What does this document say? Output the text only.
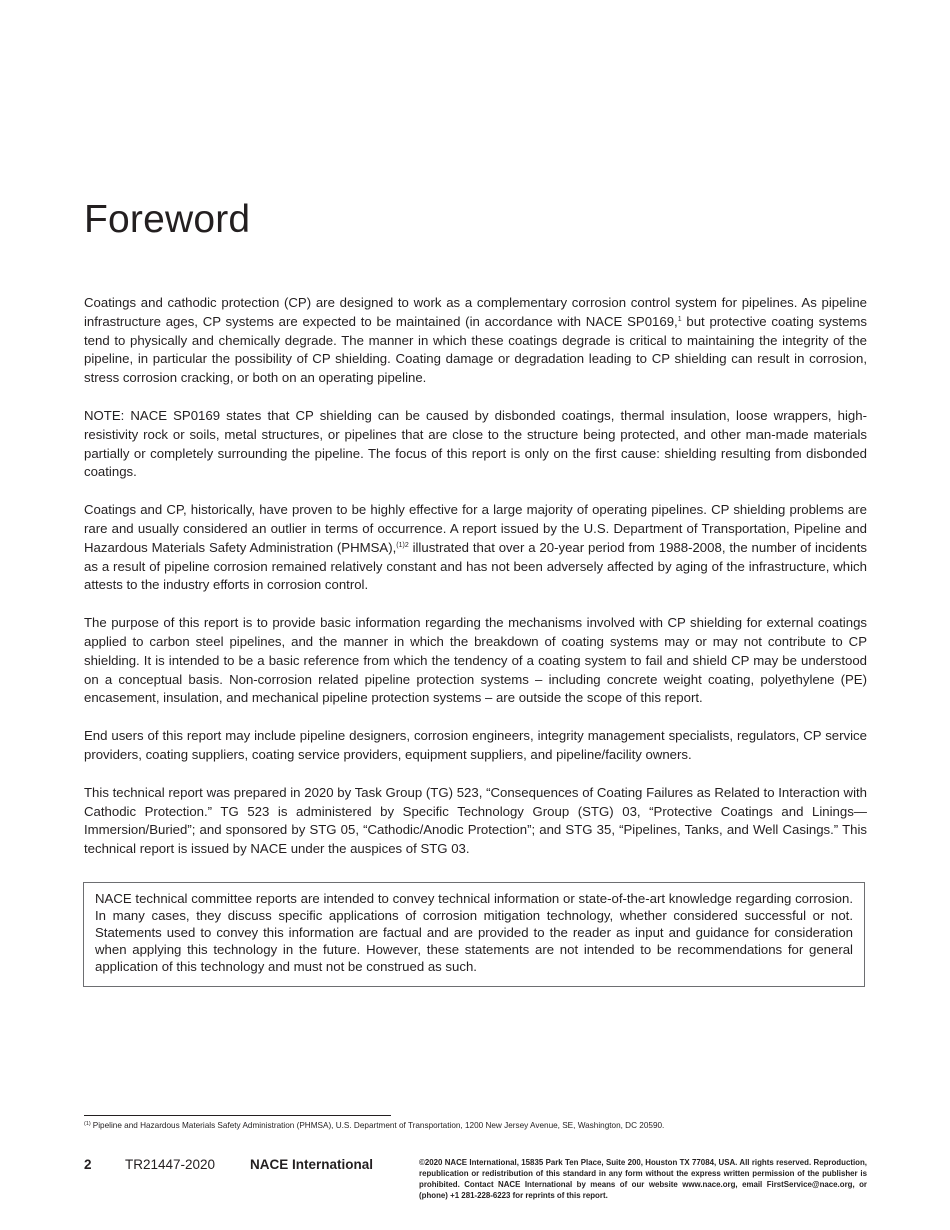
Foreword

Coatings and cathodic protection (CP) are designed to work as a complementary corrosion control system for pipelines. As pipeline infrastructure ages, CP systems are expected to be maintained (in accordance with NACE SP0169,$^1$ but protective coating systems tend to physically and chemically degrade. The manner in which these coatings degrade is critical to maintaining the integrity of the pipeline, in particular the possibility of CP shielding. Coating damage or degradation leading to CP shielding can result in corrosion, stress corrosion cracking, or both on an operating pipeline.

NOTE: NACE SP0169 states that CP shielding can be caused by disbonded coatings, thermal insulation, loose wrappers, high-resistivity rock or soils, metal structures, or pipelines that are close to the structure being protected, and other man-made materials partially or completely surrounding the pipeline. The focus of this report is only on the first cause: shielding resulting from disbonded coatings.

Coatings and CP, historically, have proven to be highly effective for a large majority of operating pipelines. CP shielding problems are rare and usually considered an outlier in terms of occurrence. A report issued by the U.S. Department of Transportation, Pipeline and Hazardous Materials Safety Administration (PHMSA),$^{(1)2}$ illustrated that over a 20-year period from 1988-2008, the number of incidents as a result of pipeline corrosion remained relatively constant and has not been adversely affected by aging of the infrastructure, which attests to the industry efforts in corrosion control.

The purpose of this report is to provide basic information regarding the mechanisms involved with CP shielding for external coatings applied to carbon steel pipelines, and the manner in which the breakdown of coating systems may or may not contribute to CP shielding. It is intended to be a basic reference from which the tendency of a coating system to fail and shield CP may be understood on a conceptual basis. Non-corrosion related pipeline protection systems – including concrete weight coating, polyethylene (PE) encasement, insulation, and mechanical pipeline protection systems – are outside the scope of this report.

End users of this report may include pipeline designers, corrosion engineers, integrity management specialists, regulators, CP service providers, coating suppliers, coating service providers, equipment suppliers, and pipeline/facility owners.

This technical report was prepared in 2020 by Task Group (TG) 523, “Consequences of Coating Failures as Related to Interaction with Cathodic Protection.” TG 523 is administered by Specific Technology Group (STG) 03, “Protective Coatings and Linings—Immersion/Buried”; and sponsored by STG 05, “Cathodic/Anodic Protection”; and STG 35, “Pipelines, Tanks, and Well Casings.” This technical report is issued by NACE under the auspices of STG 03.

NACE technical committee reports are intended to convey technical information or state-of-the-art knowledge regarding corrosion. In many cases, they discuss specific applications of corrosion mitigation technology, whether considered successful or not. Statements used to convey this information are factual and are provided to the reader as input and guidance for consideration when applying this technology in the future. However, these statements are not intended to be recommendations for general application of this technology and must not be construed as such.

$^{(1)}$ Pipeline and Hazardous Materials Safety Administration (PHMSA), U.S. Department of Transportation, 1200 New Jersey Avenue, SE, Washington, DC 20590.
2 TR21447-2020	NACE International	©2020 NACE International, 15835 Park Ten Place, Suite 200, Houston TX 77084, USA. All rights reserved. Reproduction, republication or redistribution of this standard in any form without the express written permission of the publisher is prohibited. Contact NACE International by means of our website www.nace.org, email FirstService@nace.org, or (phone) +1 281-228-6223 for reprints of this report.
